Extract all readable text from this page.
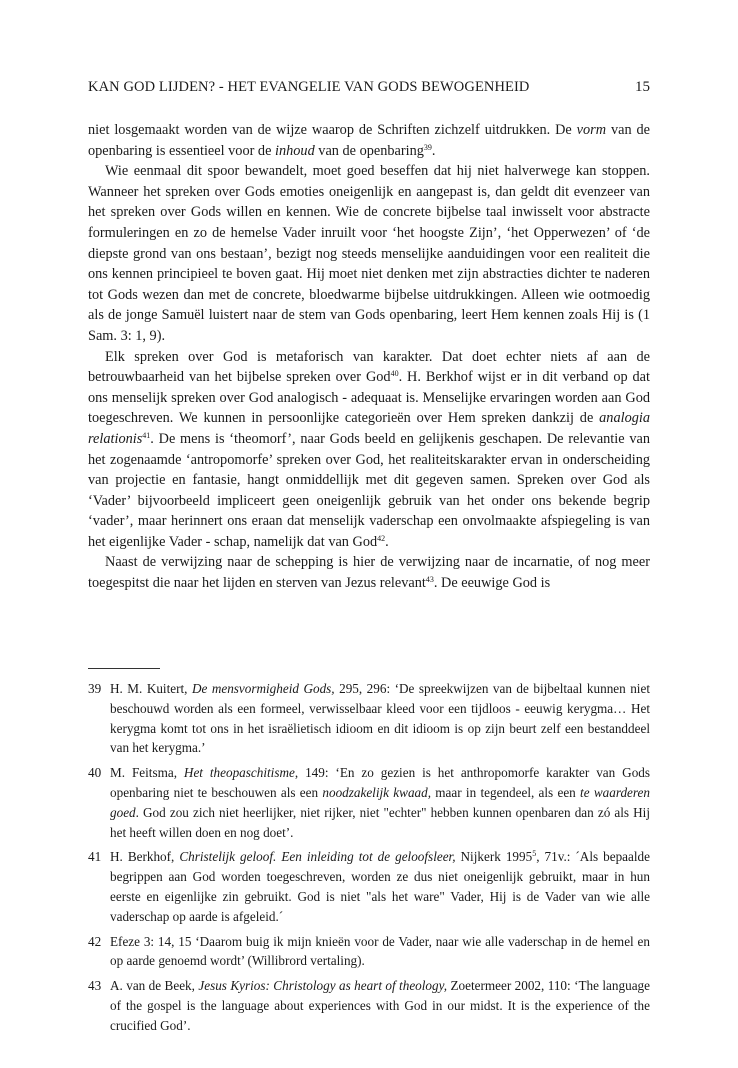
KAN GOD LIJDEN? - HET EVANGELIE VAN GODS BEWOGENHEID	15

niet losgemaakt worden van de wijze waarop de Schriften zichzelf uitdrukken. De vorm van de openbaring is essentieel voor de inhoud van de openbaring$^{39}$.

Wie eenmaal dit spoor bewandelt, moet goed beseffen dat hij niet halverwege kan stoppen. Wanneer het spreken over Gods emoties oneigenlijk en aangepast is, dan geldt dit evenzeer van het spreken over Gods willen en kennen. Wie de concrete bijbelse taal inwisselt voor abstracte formuleringen en zo de hemelse Vader inruilt voor ‘het hoogste Zijn’, ‘het Opperwezen’ of ‘de diepste grond van ons bestaan’, bezigt nog steeds menselijke aanduidingen voor een realiteit die ons kennen principieel te boven gaat. Hij moet niet denken met zijn abstracties dichter te naderen tot Gods wezen dan met de concrete, bloedwarme bijbelse uitdrukkingen. Alleen wie ootmoedig als de jonge Samuël luistert naar de stem van Gods openbaring, leert Hem kennen zoals Hij is (1 Sam. 3: 1, 9).

Elk spreken over God is metaforisch van karakter. Dat doet echter niets af aan de betrouwbaarheid van het bijbelse spreken over God$^{40}$. H. Berkhof wijst er in dit verband op dat ons menselijk spreken over God analogisch - adequaat is. Menselijke ervaringen worden aan God toegeschreven. We kunnen in persoonlijke categorieën over Hem spreken dankzij de analogia relationis$^{41}$. De mens is ‘theomorf’, naar Gods beeld en gelijkenis geschapen. De relevantie van het zogenaamde ‘antropomorfe’ spreken over God, het realiteitskarakter ervan in onderscheiding van projectie en fantasie, hangt onmiddellijk met dit gegeven samen. Spreken over God als ‘Vader’ bijvoorbeeld impliceert geen oneigenlijk gebruik van het onder ons bekende begrip ‘vader’, maar herinnert ons eraan dat menselijk vaderschap een onvolmaakte afspiegeling is van het eigenlijke Vader - schap, namelijk dat van God$^{42}$.

Naast de verwijzing naar de schepping is hier de verwijzing naar de incarnatie, of nog meer toegespitst die naar het lijden en sterven van Jezus relevant$^{43}$. De eeuwige God is

39 H. M. Kuitert, De mensvormigheid Gods, 295, 296: ‘De spreekwijzen van de bijbeltaal kunnen niet beschouwd worden als een formeel, verwisselbaar kleed voor een tijdloos - eeuwig kerygma… Het kerygma komt tot ons in het israëlietisch idioom en dit idioom is op zijn beurt zelf een bestanddeel van het kerygma.’
40 M. Feitsma, Het theopaschitisme, 149: ‘En zo gezien is het anthropomorfe karakter van Gods openbaring niet te beschouwen als een noodzakelijk kwaad, maar in tegendeel, als een te waarderen goed. God zou zich niet heerlijker, niet rijker, niet "echter" hebben kunnen openbaren dan zó als Hij het heeft willen doen en nog doet’.
41 H. Berkhof, Christelijk geloof. Een inleiding tot de geloofsleer, Nijkerk 1995$^5$, 71v.: ´Als bepaalde begrippen aan God worden toegeschreven, worden ze dus niet oneigenlijk gebruikt, maar in hun eerste en eigenlijke zin gebruikt. God is niet "als het ware" Vader, Hij is de Vader van wie alle vaderschap op aarde is afgeleid.´
42 Efeze 3: 14, 15 ‘Daarom buig ik mijn knieën voor de Vader, naar wie alle vaderschap in de hemel en op aarde genoemd wordt’ (Willibrord vertaling).
43 A. van de Beek, Jesus Kyrios: Christology as heart of theology, Zoetermeer 2002, 110: ‘The language of the gospel is the language about experiences with God in our midst. It is the experience of the crucified God’.
